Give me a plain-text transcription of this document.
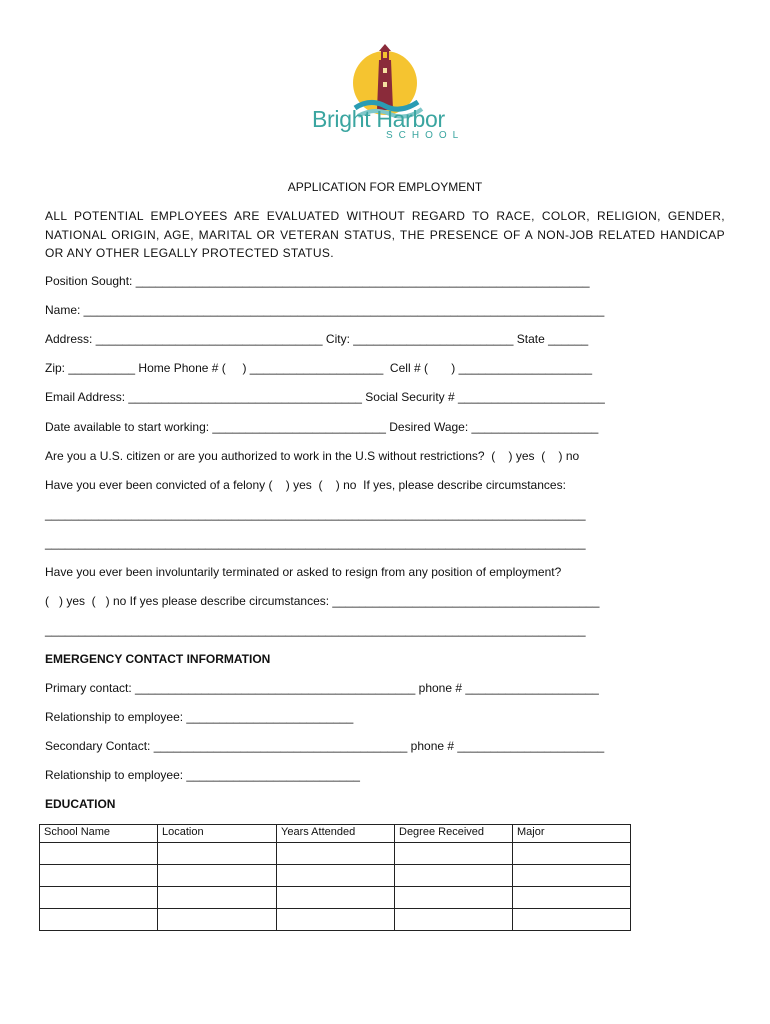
Bright Harbor
SCHOOL
APPLICATION FOR EMPLOYMENT
ALL POTENTIAL EMPLOYEES ARE EVALUATED WITHOUT REGARD TO RACE, COLOR, RELIGION, GENDER, NATIONAL ORIGIN, AGE, MARITAL OR VETERAN STATUS, THE PRESENCE OF A NON-JOB RELATED HANDICAP OR ANY OTHER LEGALLY PROTECTED STATUS.
Position Sought: ____________________________________________________________________
Name: ______________________________________________________________________________
Address: __________________________________ City: ________________________ State ______
Zip: __________ Home Phone # (     ) ____________________  Cell # (       ) ____________________
Email Address: ___________________________________ Social Security # ______________________
Date available to start working: __________________________ Desired Wage: ___________________
Are you a U.S. citizen or are you authorized to work in the U.S without restrictions?  (    ) yes  (    ) no
Have you ever been convicted of a felony (    ) yes  (    ) no  If yes, please describe circumstances:
_________________________________________________________________________________
_________________________________________________________________________________
Have you ever been involuntarily terminated or asked to resign from any position of employment?
(   ) yes  (   ) no If yes please describe circumstances: ________________________________________
_________________________________________________________________________________
EMERGENCY CONTACT INFORMATION
Primary contact: __________________________________________ phone # ____________________
Relationship to employee: _________________________
Secondary Contact: ______________________________________ phone # ______________________
Relationship to employee: __________________________
EDUCATION
School Name	Location	Years Attended	Degree Received	Major
